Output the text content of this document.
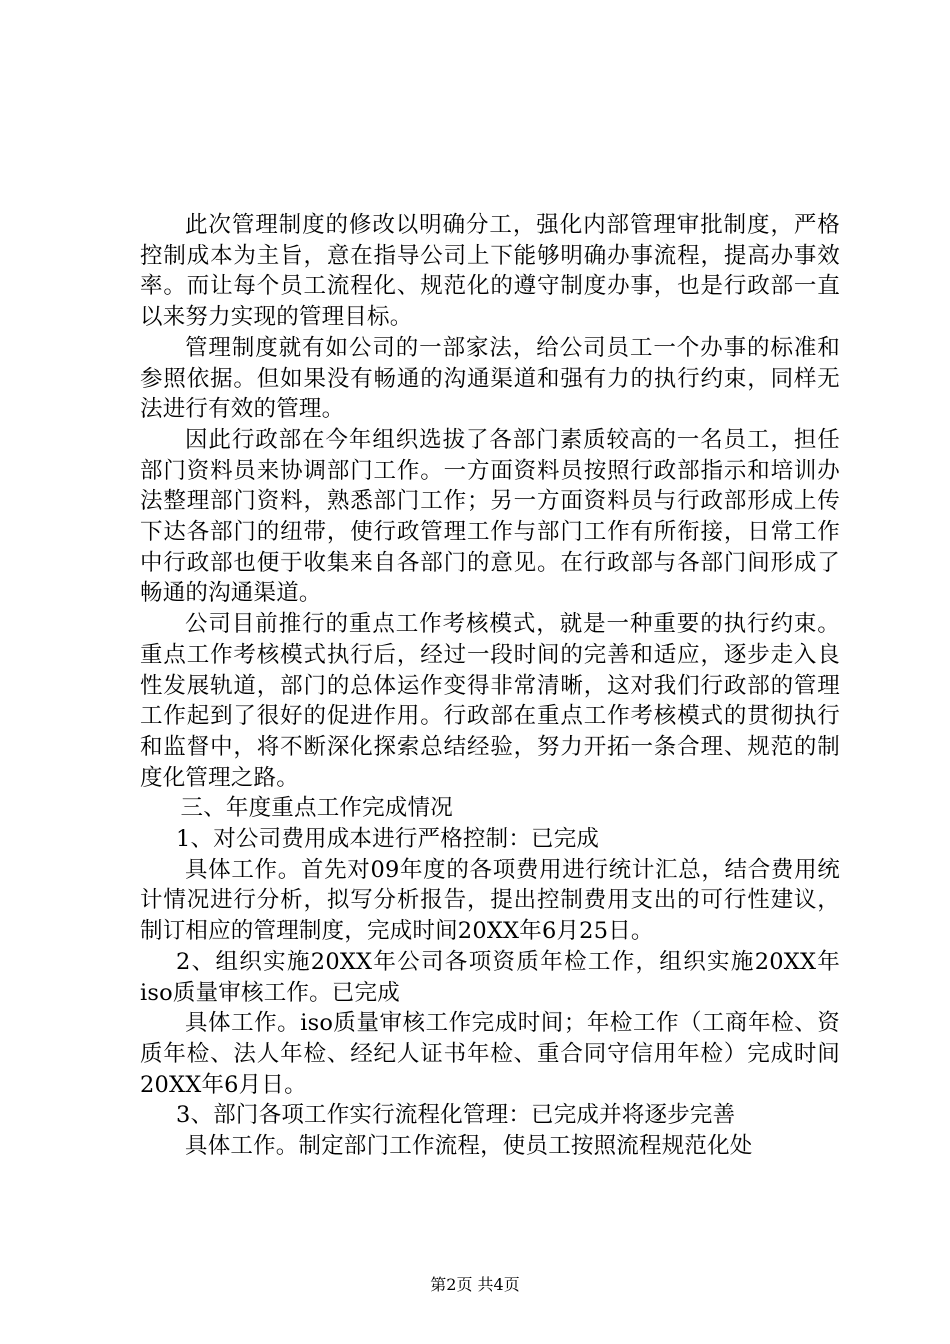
此次管理制度的修改以明确分工，强化内部管理审批制度，严格控制成本为主旨，意在指导公司上下能够明确办事流程，提高办事效率。而让每个员工流程化、规范化的遵守制度办事，也是行政部一直以来努力实现的管理目标。

管理制度就有如公司的一部家法，给公司员工一个办事的标准和参照依据。但如果没有畅通的沟通渠道和强有力的执行约束，同样无法进行有效的管理。

因此行政部在今年组织选拔了各部门素质较高的一名员工，担任部门资料员来协调部门工作。一方面资料员按照行政部指示和培训办法整理部门资料，熟悉部门工作；另一方面资料员与行政部形成上传下达各部门的纽带，使行政管理工作与部门工作有所衔接，日常工作中行政部也便于收集来自各部门的意见。在行政部与各部门间形成了畅通的沟通渠道。

公司目前推行的重点工作考核模式，就是一种重要的执行约束。重点工作考核模式执行后，经过一段时间的完善和适应，逐步走入良性发展轨道，部门的总体运作变得非常清晰，这对我们行政部的管理工作起到了很好的促进作用。行政部在重点工作考核模式的贯彻执行和监督中，将不断深化探索总结经验，努力开拓一条合理、规范的制度化管理之路。

三、年度重点工作完成情况

1、对公司费用成本进行严格控制：已完成

具体工作。首先对09年度的各项费用进行统计汇总，结合费用统计情况进行分析，拟写分析报告，提出控制费用支出的可行性建议，制订相应的管理制度，完成时间20XX年6月25日。

2、组织实施20XX年公司各项资质年检工作，组织实施20XX年iso质量审核工作。已完成

具体工作。iso质量审核工作完成时间；年检工作（工商年检、资质年检、法人年检、经纪人证书年检、重合同守信用年检）完成时间20XX年6月日。

3、部门各项工作实行流程化管理：已完成并将逐步完善

具体工作。制定部门工作流程，使员工按照流程规范化处

第2页 共4页
